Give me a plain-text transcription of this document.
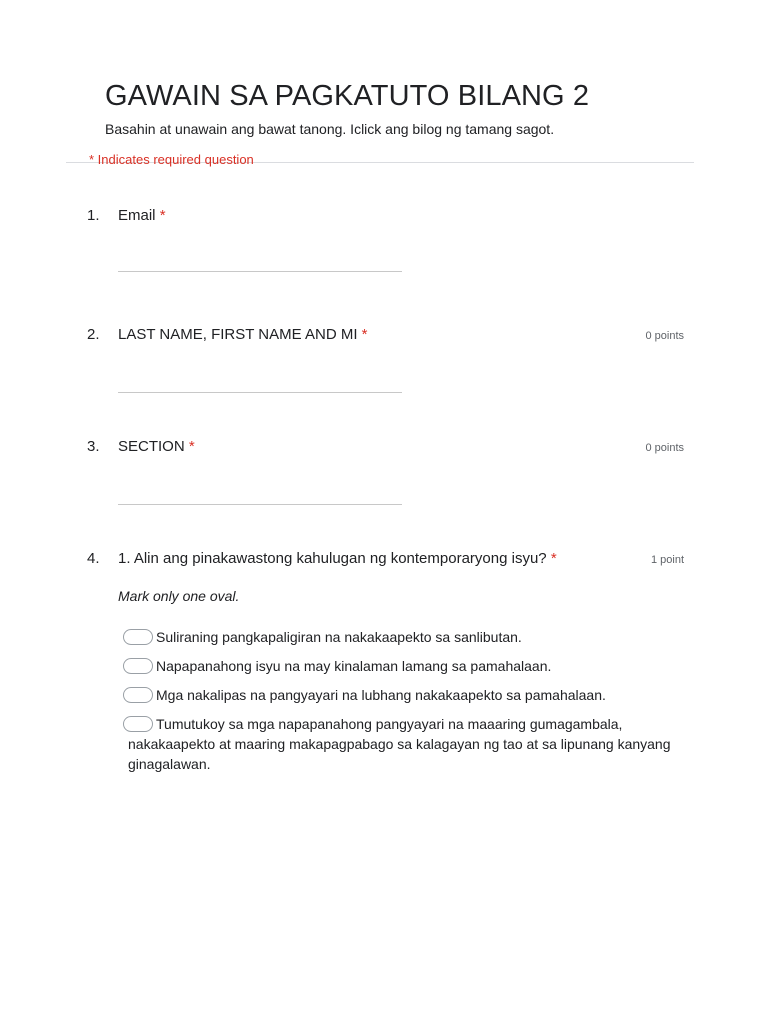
GAWAIN SA PAGKATUTO BILANG 2
Basahin at unawain ang bawat tanong. Iclick ang bilog ng tamang sagot.
* Indicates required question
1. Email *
2. LAST NAME, FIRST NAME AND MI *	0 points
3. SECTION *	0 points
4. 1. Alin ang pinakawastong kahulugan ng kontemporaryong isyu? *	1 point
Mark only one oval.
Suliraning pangkapaligiran na nakakaapekto sa sanlibutan.
Napapanahong isyu na may kinalaman lamang sa pamahalaan.
Mga nakalipas na pangyayari na lubhang nakakaapekto sa pamahalaan.
Tumutukoy sa mga napapanahong pangyayari na maaaring gumagambala, nakakaapekto at maaring makapagpabago sa kalagayan ng tao at sa lipunang kanyang ginagalawan.
